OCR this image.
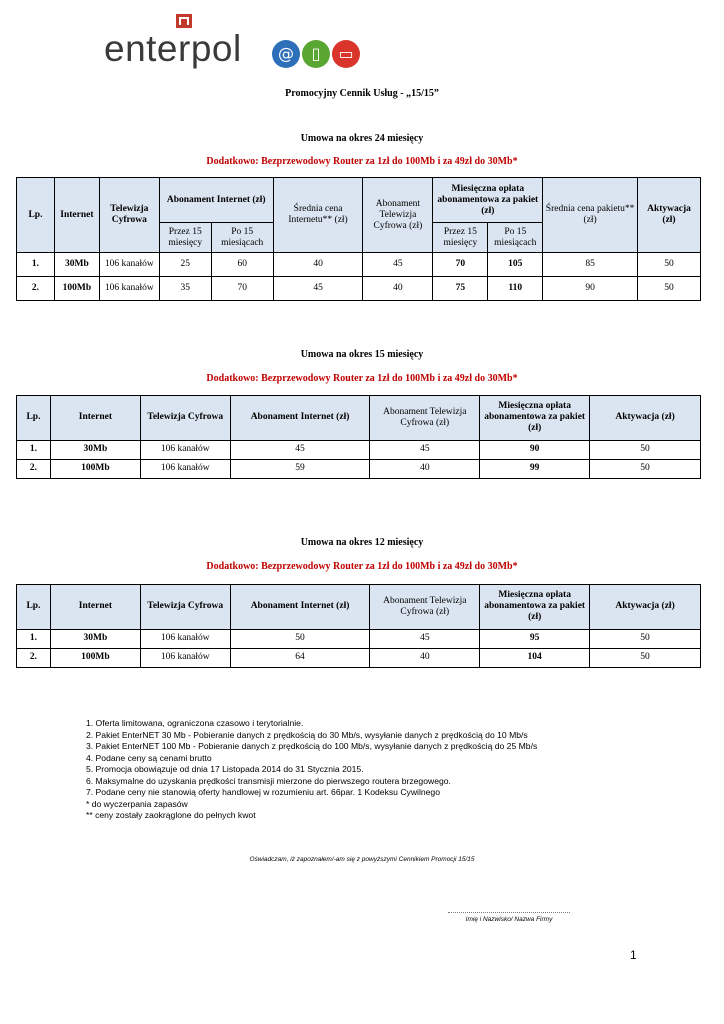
enterpol	@	▯	▭
Promocyjny Cennik Usług - „15/15”
Umowa na okres 24 miesięcy
Dodatkowo: Bezprzewodowy Router za 1zł do 100Mb i za 49zł do 30Mb*
Lp.	Internet	Telewizja Cyfrowa	Abonament Internet (zł)		Średnia cena Internetu** (zł)	Abonament Telewizja Cyfrowa (zł)	Miesięczna opłata abonamentowa za pakiet (zł)		Średnia cena pakietu** (zł)	Aktywacja (zł)
			Przez 15 miesięcy	Po 15 miesiącach			Przez 15 miesięcy	Po 15 miesiącach		
1.	30Mb	106 kanałów	25	60	40	45	70	105	85	50
2.	100Mb	106 kanałów	35	70	45	40	75	110	90	50
Umowa na okres 15 miesięcy
Dodatkowo: Bezprzewodowy Router za 1zł do 100Mb i za 49zł do 30Mb*
Lp.	Internet	Telewizja Cyfrowa	Abonament Internet (zł)	Abonament Telewizja Cyfrowa (zł)	Miesięczna opłata abonamentowa za pakiet (zł)	Aktywacja (zł)
1.	30Mb	106 kanałów	45	45	90	50
2.	100Mb	106 kanałów	59	40	99	50
Umowa na okres 12 miesięcy
Dodatkowo: Bezprzewodowy Router za 1zł do 100Mb i za 49zł do 30Mb*
Lp.	Internet	Telewizja Cyfrowa	Abonament Internet (zł)	Abonament Telewizja Cyfrowa (zł)	Miesięczna opłata abonamentowa za pakiet (zł)	Aktywacja (zł)
1.	30Mb	106 kanałów	50	45	95	50
2.	100Mb	106 kanałów	64	40	104	50
1. Oferta limitowana, ograniczona czasowo i terytorialnie.
2. Pakiet EnterNET 30 Mb - Pobieranie danych z prędkością do 30 Mb/s, wysyłanie danych z prędkością do 10 Mb/s
3. Pakiet EnterNET 100 Mb - Pobieranie danych z prędkością do 100 Mb/s, wysyłanie danych z prędkością do 25 Mb/s
4. Podane ceny są cenami brutto
5. Promocja obowiązuje od dnia 17 Listopada 2014 do 31 Stycznia 2015.
6. Maksymalne do uzyskania prędkości transmisji mierzone do pierwszego routera brzegowego.
7. Podane ceny nie stanowią oferty handlowej w rozumieniu art. 66par. 1 Kodeksu Cywilnego
* do wyczerpania zapasów
** ceny zostały zaokrąglone do pełnych kwot
Oświadczam, iż zapoznałem/-am się z powyższymi Cennikiem Promocji 15/15
Imię i Nazwisko/ Nazwa Firmy
1
